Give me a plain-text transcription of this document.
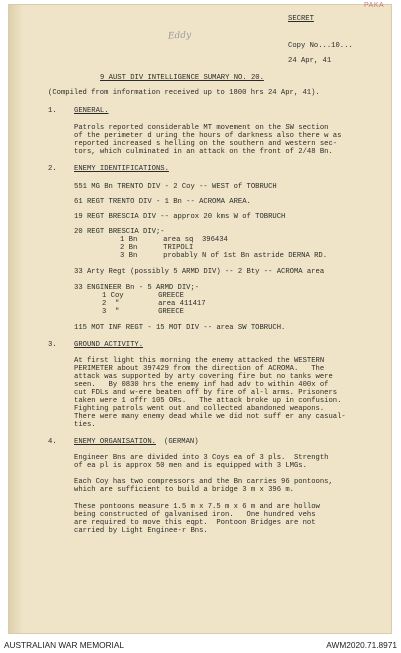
PAKA
Eddy
SECRET
Copy No...10...
24 Apr, 41
9 AUST DIV INTELLIGENCE SUMARY NO. 20.
(Compiled from information received up to 1800 hrs 24 Apr, 41).
1. GENERAL.
Patrols reported considerable MT movement on the SW section
of the perimeter d uring the hours of darkness also there w as
reported increased s helling on the southern and western sec-
tors, which culminated in an attack on the front of 2/48 Bn.
2. ENEMY IDENTIFICATIONS.
551 MG Bn TRENTO DIV - 2 Coy -- WEST of TOBRUCH
61 REGT TRENTO DIV - 1 Bn -- ACROMA AREA.
19 REGT BRESCIA DIV -- approx 20 kms W of TOBRUCH
20 REGT BRESCIA DIV;-
1 Bn      area sq  396434
2 Bn      TRIPOLI
3 Bn      probably N of 1st Bn astride DERNA RD.
33 Arty Regt (possibly 5 ARMD DIV) -- 2 Bty -- ACROMA area
33 ENGINEER Bn - 5 ARMD DIV;-
1 Coy        GREECE
2  "         area 411417
3  "         GREECE
115 MOT INF REGT - 15 MOT DIV -- area SW TOBRUCH.
3. GROUND ACTIVITY.
At first light this morning the enemy attacked the WESTERN
PERIMETER about 397429 from the direction of ACROMA.   The
attack was supported by arty covering fire but no tanks were
seen.   By 0830 hrs the enemy inf had adv to within 400x of
cut FDLs and w-ere beaten off by fire of al-l arms. Prisoners
taken were 1 offr 105 ORs.   The attack broke up in confusion.
Fighting patrols went out and collected abandoned weapons.
There were many enemy dead while we did not suff er any casual-
ties.
4. ENEMY ORGANISATION. (GERMAN)
Engineer Bns are divided into 3 Coys ea of 3 pls.  Strength
of ea pl is approx 50 men and is equipped with 3 LMGs.
Each Coy has two compressors and the Bn carries 96 pontoons,
which are sufficient to build a bridge 3 m x 396 m.
These pontoons measure 1.5 m x 7.5 m x 6 m and are hollow
being constructed of galvanised iron.   One hundred vehs
are required to move this eqpt.  Pontoon Bridges are not
carried by Light Enginee-r Bns.
AUSTRALIAN WAR MEMORIAL	AWM2020.71.8971
